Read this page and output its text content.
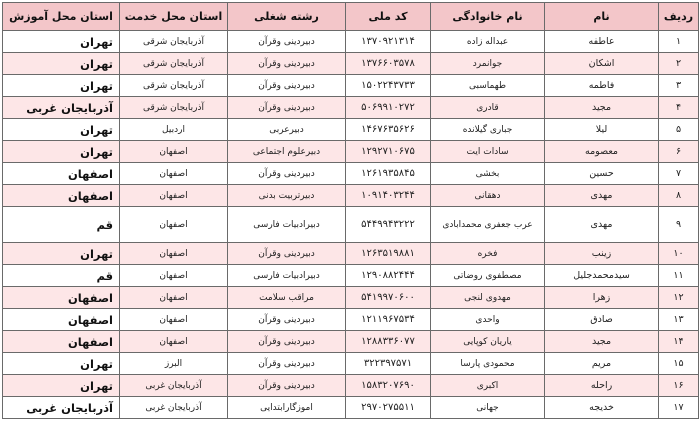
ردیف	نام	نام خانوادگی	کد ملی	رشته شغلی	استان محل خدمت	استان محل آموزش
۱	عاطفه	عبداله زاده	۱۳۷۰۹۲۱۳۱۴	دبیردینی وقرآن	آذربایجان شرقی	تهران
۲	اشکان	جوانمرد	۱۳۷۶۶۰۳۵۷۸	دبیردینی وقرآن	آذربایجان شرقی	تهران
۳	فاطمه	طهماسبی	۱۵۰۲۲۴۳۷۳۳	دبیردینی وقرآن	آذربایجان شرقی	تهران
۴	مجید	قادری	۵۰۶۹۹۱۰۲۷۲	دبیردینی وقرآن	آذربایجان شرقی	آذربایجان غربی
۵	لیلا	جباری گیلانده	۱۴۶۷۶۳۵۶۲۶	دبیرعربی	اردبیل	تهران
۶	معصومه	سادات ایت	۱۲۹۲۷۱۰۶۷۵	دبیرعلوم اجتماعی	اصفهان	تهران
۷	حسین	بخشی	۱۲۶۱۹۳۵۸۴۵	دبیردینی وقرآن	اصفهان	اصفهان
۸	مهدی	دهقانی	۱۰۹۱۴۰۳۲۴۴	دبیرتربیت بدنی	اصفهان	اصفهان
۹	مهدی	عرب جعفری محمدابادی	۵۴۴۹۹۴۳۲۲۲	دبیرادبیات فارسی	اصفهان	قم
۱۰	زینب	فخره	۱۲۶۳۵۱۹۸۸۱	دبیردینی وقرآن	اصفهان	تهران
۱۱	سیدمحمدجلیل	مصطفوی روضاتی	۱۲۹۰۸۸۲۴۴۴	دبیرادبیات فارسی	اصفهان	قم
۱۲	زهرا	مهدوی لنجی	۵۴۱۹۹۷۰۶۰۰	مراقب سلامت	اصفهان	اصفهان
۱۳	صادق	واحدی	۱۲۱۱۹۶۷۵۳۴	دبیردینی وقرآن	اصفهان	اصفهان
۱۴	مجید	یاریان کوپایی	۱۲۸۸۳۳۶۰۷۷	دبیردینی وقرآن	اصفهان	اصفهان
۱۵	مریم	محمودی پارسا	۳۲۲۳۹۷۵۷۱	دبیردینی وقرآن	البرز	تهران
۱۶	راحله	اکبری	۱۵۸۳۲۰۷۶۹۰	دبیردینی وقرآن	آذربایجان غربی	تهران
۱۷	خدیجه	جهانی	۲۹۷۰۲۷۵۵۱۱	اموزگارابتدایی	آذربایجان غربی	آذربایجان غربی
